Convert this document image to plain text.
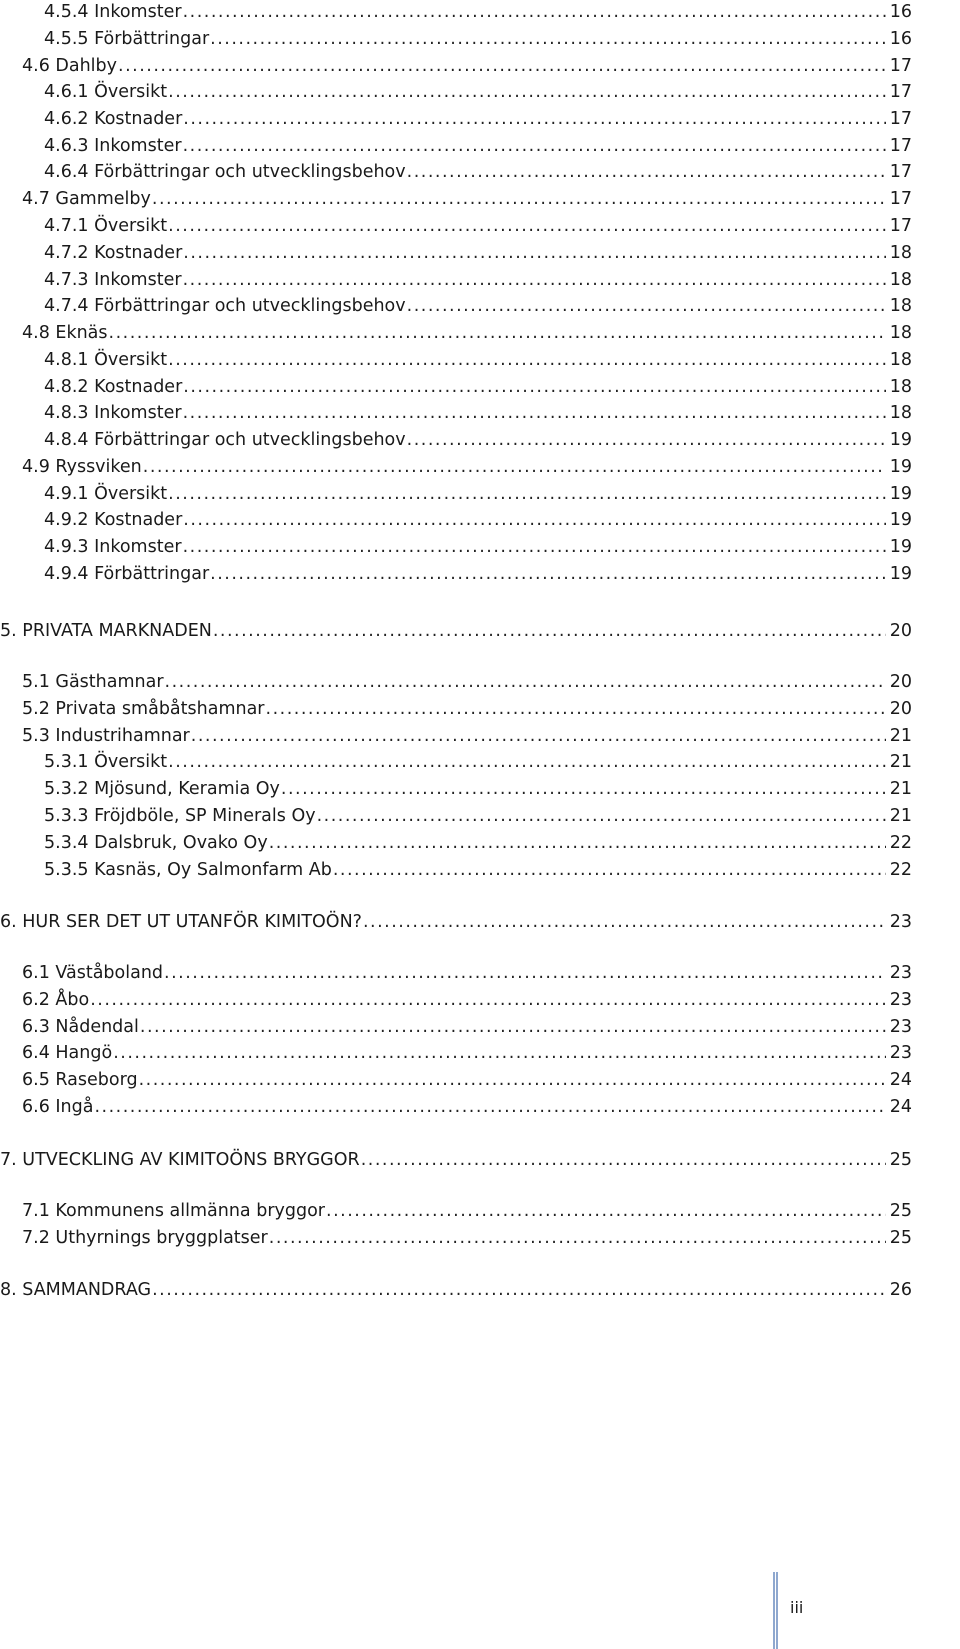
4.5.4 Inkomster .....	16
4.5.5 Förbättringar .....	16
4.6 Dahlby .....	17
4.6.1 Översikt .....	17
4.6.2 Kostnader .....	17
4.6.3 Inkomster .....	17
4.6.4 Förbättringar och utvecklingsbehov .....	17
4.7 Gammelby .....	17
4.7.1 Översikt .....	17
4.7.2 Kostnader .....	18
4.7.3 Inkomster .....	18
4.7.4 Förbättringar och utvecklingsbehov .....	18
4.8 Eknäs .....	18
4.8.1 Översikt .....	18
4.8.2 Kostnader .....	18
4.8.3 Inkomster .....	18
4.8.4 Förbättringar och utvecklingsbehov .....	19
4.9 Ryssviken .....	19
4.9.1 Översikt .....	19
4.9.2 Kostnader .....	19
4.9.3 Inkomster .....	19
4.9.4 Förbättringar .....	19
5. PRIVATA MARKNADEN .....	20
5.1 Gästhamnar .....	20
5.2 Privata småbåtshamnar .....	20
5.3 Industrihamnar .....	21
5.3.1 Översikt .....	21
5.3.2 Mjösund, Keramia Oy .....	21
5.3.3 Fröjdböle, SP Minerals Oy .....	21
5.3.4 Dalsbruk, Ovako Oy .....	22
5.3.5 Kasnäs, Oy Salmonfarm Ab .....	22
6. HUR SER DET UT UTANFÖR KIMITOÖN? .....	23
6.1 Väståboland .....	23
6.2 Åbo .....	23
6.3 Nådendal .....	23
6.4 Hangö .....	23
6.5 Raseborg .....	24
6.6 Ingå .....	24
7. UTVECKLING AV KIMITOÖNS BRYGGOR .....	25
7.1 Kommunens allmänna bryggor .....	25
7.2 Uthyrnings bryggplatser .....	25
8. SAMMANDRAG .....	26
iii
